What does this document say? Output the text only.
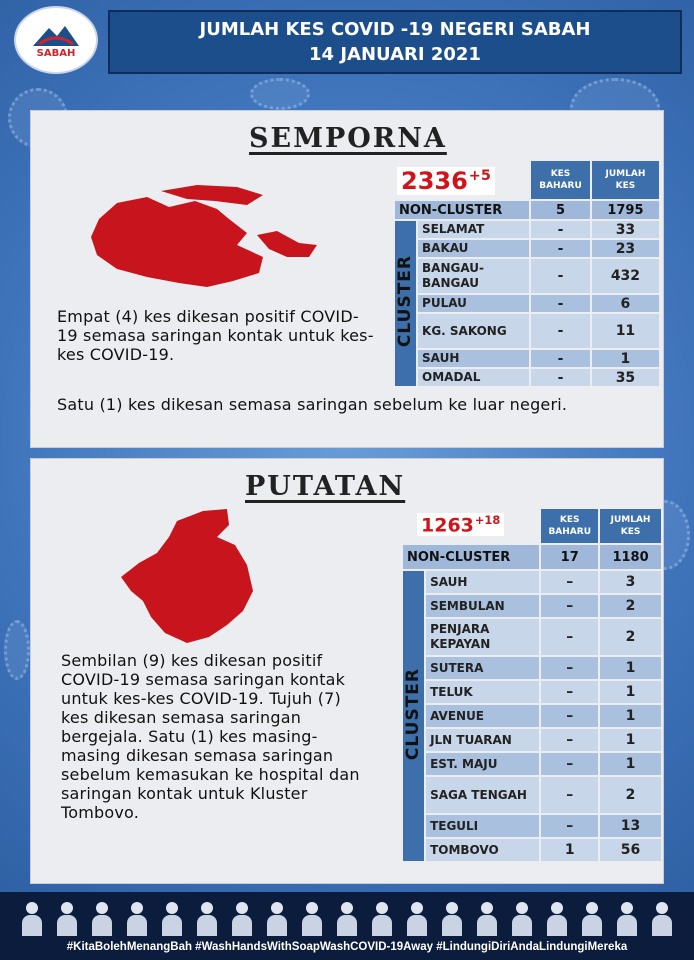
SABAH
JUMLAH KES COVID -19 NEGERI SABAH
14 JANUARI 2021
SEMPORNA
$2336^{+5}$
		KES BAHARU	JUMLAH KES
NON-CLUSTER		5	1795
CLUSTER	SELAMAT	-	33
	BAKAU	-	23
	BANGAU-BANGAU	-	432
	PULAU	-	6
	KG. SAKONG	-	11
	SAUH	-	1
	OMADAL	-	35
Empat (4) kes dikesan positif COVID-19 semasa saringan kontak untuk kes-kes COVID-19.
Satu (1) kes dikesan semasa saringan sebelum ke luar negeri.
PUTATAN
$1263^{+18}$
		KES BAHARU	JUMLAH KES
NON-CLUSTER		17	1180
CLUSTER	SAUH	–	3
	SEMBULAN	–	2
	PENJARA KEPAYAN	–	2
	SUTERA	–	1
	TELUK	–	1
	AVENUE	–	1
	JLN TUARAN	–	1
	EST. MAJU	–	1
	SAGA TENGAH	–	2
	TEGULI	–	13
	TOMBOVO	1	56
Sembilan (9) kes dikesan positif COVID-19 semasa saringan kontak untuk kes-kes COVID-19. Tujuh (7) kes dikesan semasa saringan bergejala. Satu (1) kes masing-masing dikesan semasa saringan sebelum kemasukan ke hospital dan saringan kontak untuk Kluster Tombovo.
#KitaBolehMenangBah #WashHandsWithSoapWashCOVID-19Away #LindungiDiriAndaLindungiMereka
